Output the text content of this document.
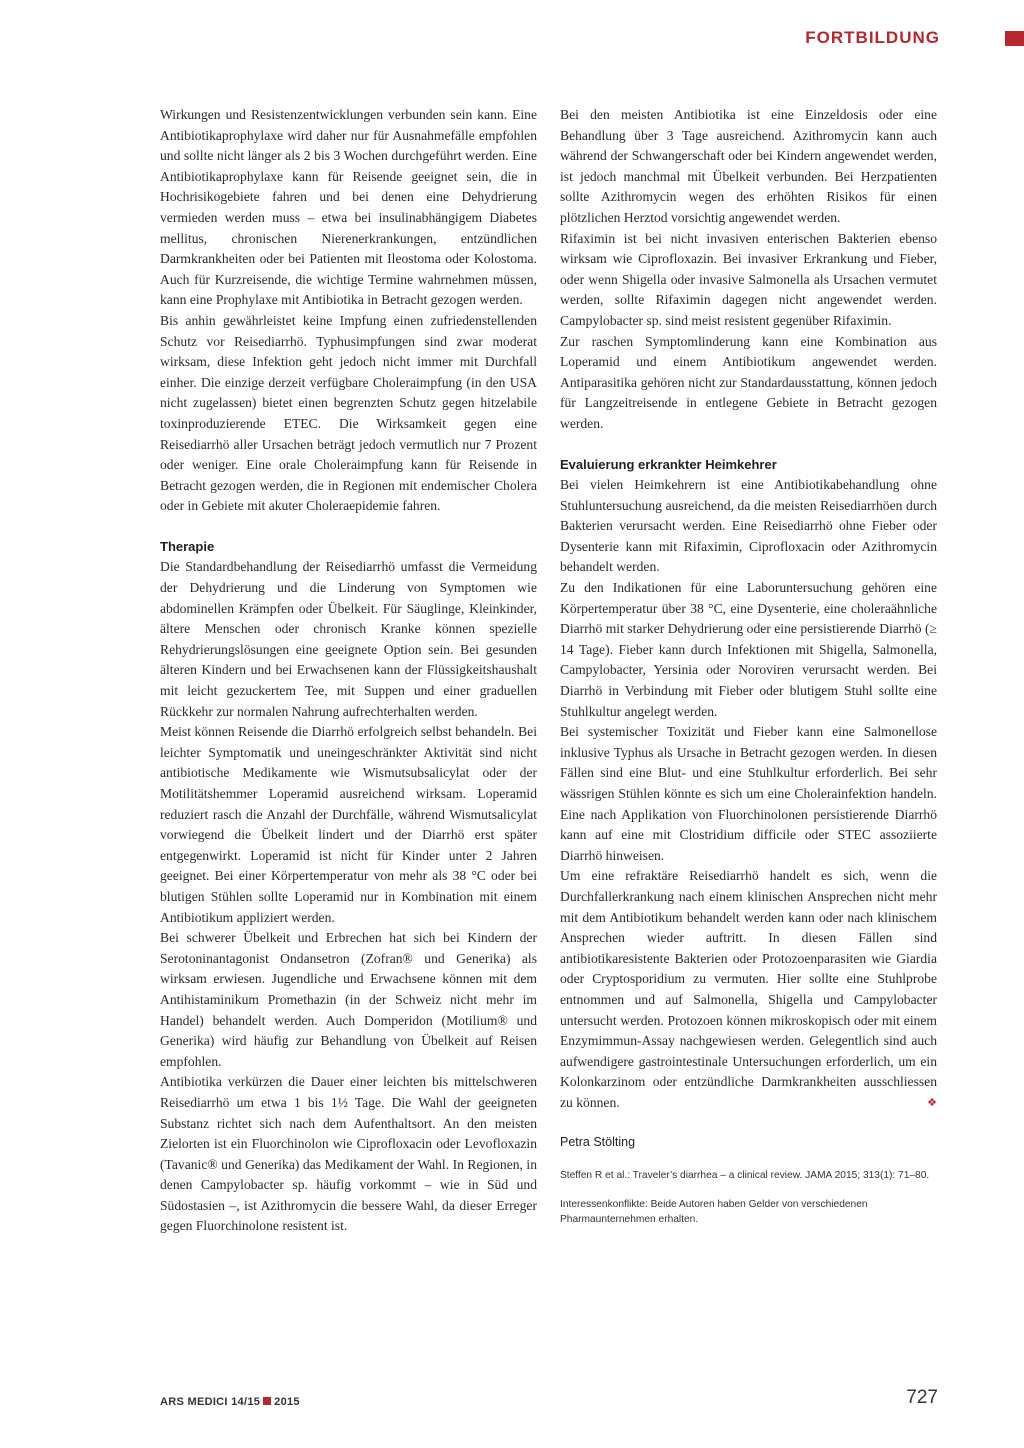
FORTBILDUNG

Wirkungen und Resistenzentwicklungen verbunden sein kann. Eine Antibiotikaprophylaxe wird daher nur für Ausnahmefälle empfohlen und sollte nicht länger als 2 bis 3 Wochen durchgeführt werden. Eine Antibiotikaprophylaxe kann für Reisende geeignet sein, die in Hochrisikogebiete fahren und bei denen eine Dehydrierung vermieden werden muss – etwa bei insulinabhängigem Diabetes mellitus, chronischen Nierenerkrankungen, entzündlichen Darmkrankheiten oder bei Patienten mit Ileostoma oder Kolostoma. Auch für Kurzreisende, die wichtige Termine wahrnehmen müssen, kann eine Prophylaxe mit Antibiotika in Betracht gezogen werden.

Bis anhin gewährleistet keine Impfung einen zufriedenstellenden Schutz vor Reisediarrhö. Typhusimpfungen sind zwar moderat wirksam, diese Infektion geht jedoch nicht immer mit Durchfall einher. Die einzige derzeit verfügbare Choleraimpfung (in den USA nicht zugelassen) bietet einen begrenzten Schutz gegen hitzelabile toxinproduzierende ETEC. Die Wirksamkeit gegen eine Reisediarrhö aller Ursachen beträgt jedoch vermutlich nur 7 Prozent oder weniger. Eine orale Choleraimpfung kann für Reisende in Betracht gezogen werden, die in Regionen mit endemischer Cholera oder in Gebiete mit akuter Choleraepidemie fahren.

Therapie

Die Standardbehandlung der Reisediarrhö umfasst die Vermeidung der Dehydrierung und die Linderung von Symptomen wie abdominellen Krämpfen oder Übelkeit. Für Säuglinge, Kleinkinder, ältere Menschen oder chronisch Kranke können spezielle Rehydrierungslösungen eine geeignete Option sein. Bei gesunden älteren Kindern und bei Erwachsenen kann der Flüssigkeitshaushalt mit leicht gezuckertem Tee, mit Suppen und einer graduellen Rückkehr zur normalen Nahrung aufrechterhalten werden.

Meist können Reisende die Diarrhö erfolgreich selbst behandeln. Bei leichter Symptomatik und uneingeschränkter Aktivität sind nicht antibiotische Medikamente wie Wismutsubsalicylat oder der Motilitätshemmer Loperamid ausreichend wirksam. Loperamid reduziert rasch die Anzahl der Durchfälle, während Wismutsalicylat vorwiegend die Übelkeit lindert und der Diarrhö erst später entgegenwirkt. Loperamid ist nicht für Kinder unter 2 Jahren geeignet. Bei einer Körpertemperatur von mehr als 38 °C oder bei blutigen Stühlen sollte Loperamid nur in Kombination mit einem Antibiotikum appliziert werden.

Bei schwerer Übelkeit und Erbrechen hat sich bei Kindern der Serotoninantagonist Ondansetron (Zofran® und Generika) als wirksam erwiesen. Jugendliche und Erwachsene können mit dem Antihistaminikum Promethazin (in der Schweiz nicht mehr im Handel) behandelt werden. Auch Domperidon (Motilium® und Generika) wird häufig zur Behandlung von Übelkeit auf Reisen empfohlen.

Antibiotika verkürzen die Dauer einer leichten bis mittelschweren Reisediarrhö um etwa 1 bis 1½ Tage. Die Wahl der geeigneten Substanz richtet sich nach dem Aufenthaltsort. An den meisten Zielorten ist ein Fluorchinolon wie Ciprofloxacin oder Levofloxazin (Tavanic® und Generika) das Medikament der Wahl. In Regionen, in denen Campylobacter sp. häufig vorkommt – wie in Süd und Südostasien –, ist Azithromycin die bessere Wahl, da dieser Erreger gegen Fluorchinolone resistent ist.

Bei den meisten Antibiotika ist eine Einzeldosis oder eine Behandlung über 3 Tage ausreichend. Azithromycin kann auch während der Schwangerschaft oder bei Kindern angewendet werden, ist jedoch manchmal mit Übelkeit verbunden. Bei Herzpatienten sollte Azithromycin wegen des erhöhten Risikos für einen plötzlichen Herztod vorsichtig angewendet werden.

Rifaximin ist bei nicht invasiven enterischen Bakterien ebenso wirksam wie Ciprofloxazin. Bei invasiver Erkrankung und Fieber, oder wenn Shigella oder invasive Salmonella als Ursachen vermutet werden, sollte Rifaximin dagegen nicht angewendet werden. Campylobacter sp. sind meist resistent gegenüber Rifaximin.

Zur raschen Symptomlinderung kann eine Kombination aus Loperamid und einem Antibiotikum angewendet werden. Antiparasitika gehören nicht zur Standardausstattung, können jedoch für Langzeitreisende in entlegene Gebiete in Betracht gezogen werden.

Evaluierung erkrankter Heimkehrer

Bei vielen Heimkehrern ist eine Antibiotikabehandlung ohne Stuhluntersuchung ausreichend, da die meisten Reisediarrhöen durch Bakterien verursacht werden. Eine Reisediarrhö ohne Fieber oder Dysenterie kann mit Rifaximin, Ciprofloxacin oder Azithromycin behandelt werden.

Zu den Indikationen für eine Laboruntersuchung gehören eine Körpertemperatur über 38 °C, eine Dysenterie, eine choleraähnliche Diarrhö mit starker Dehydrierung oder eine persistierende Diarrhö (≥ 14 Tage). Fieber kann durch Infektionen mit Shigella, Salmonella, Campylobacter, Yersinia oder Noroviren verursacht werden. Bei Diarrhö in Verbindung mit Fieber oder blutigem Stuhl sollte eine Stuhlkultur angelegt werden.

Bei systemischer Toxizität und Fieber kann eine Salmonellose inklusive Typhus als Ursache in Betracht gezogen werden. In diesen Fällen sind eine Blut- und eine Stuhlkultur erforderlich. Bei sehr wässrigen Stühlen könnte es sich um eine Cholerainfektion handeln. Eine nach Applikation von Fluorchinolonen persistierende Diarrhö kann auf eine mit Clostridium difficile oder STEC assoziierte Diarrhö hinweisen.

Um eine refraktäre Reisediarrhö handelt es sich, wenn die Durchfallerkrankung nach einem klinischen Ansprechen nicht mehr mit dem Antibiotikum behandelt werden kann oder nach klinischem Ansprechen wieder auftritt. In diesen Fällen sind antibiotikaresistente Bakterien oder Protozoenparasiten wie Giardia oder Cryptosporidium zu vermuten. Hier sollte eine Stuhlprobe entnommen und auf Salmonella, Shigella und Campylobacter untersucht werden. Protozoen können mikroskopisch oder mit einem Enzymimmun-Assay nachgewiesen werden. Gelegentlich sind auch aufwendigere gastrointestinale Untersuchungen erforderlich, um ein Kolonkarzinom oder entzündliche Darmkrankheiten ausschliessen zu können.	❖

Petra Stölting

Steffen R et al.: Traveler’s diarrhea – a clinical review. JAMA 2015; 313(1): 71–80.

Interessenkonflikte: Beide Autoren haben Gelder von verschiedenen Pharmaunternehmen erhalten.

ARS MEDICI 14/15 2015	727
